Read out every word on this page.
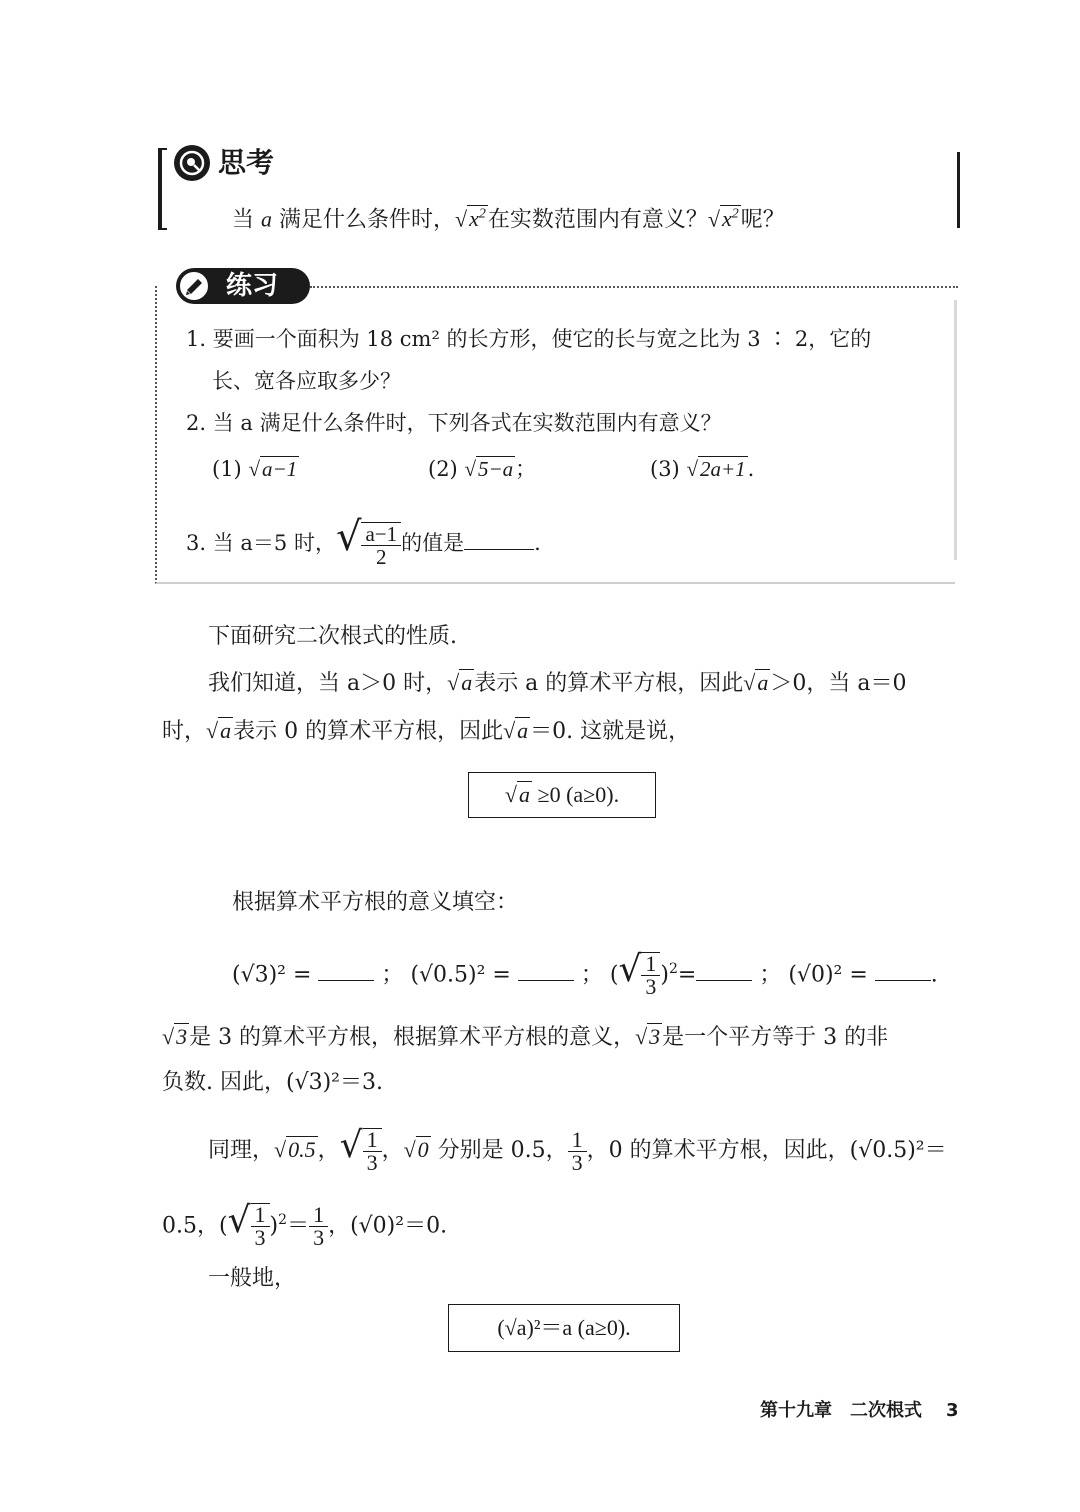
思考
当 a 满足什么条件时，$√x^2$在实数范围内有意义？$√x^2$呢？
练习
1. 要画一个面积为 18 cm² 的长方形，使它的长与宽之比为 3 ∶ 2，它的
长、宽各应取多少？
2. 当 a 满足什么条件时，下列各式在实数范围内有意义？
(1) √a−1	(2) √5−a；	(3) √2a+1.
3. 当 a＝5 时，√ $\frac{a-1}{2}$ 的值是	.
下面研究二次根式的性质.
我们知道，当 a＞0 时，√a表示 a 的算术平方根，因此√a＞0，当 a＝0
时，√a表示 0 的算术平方根，因此√a＝0. 这就是说，
√a ≥0 (a≥0).
根据算术平方根的意义填空：
(√3)² =	； (√0.5)² =	； (√ $\frac{1}{3} )^2=$	； (√0)² =	.
√3是 3 的算术平方根，根据算术平方根的意义，√3是一个平方等于 3 的非
负数. 因此，(√3)²＝3.
同理，√0.5，√ $\frac{1}{3}$ ，√0 分别是 0.5， $\frac{1}{3}$ ，0 的算术平方根，因此，(√0.5)²＝
0.5，(√ $\frac{1}{3} )^2= \frac{1}{3}$ ，(√0)²＝0.
一般地，
(√a)²＝a (a≥0).
第十九章　二次根式 3
